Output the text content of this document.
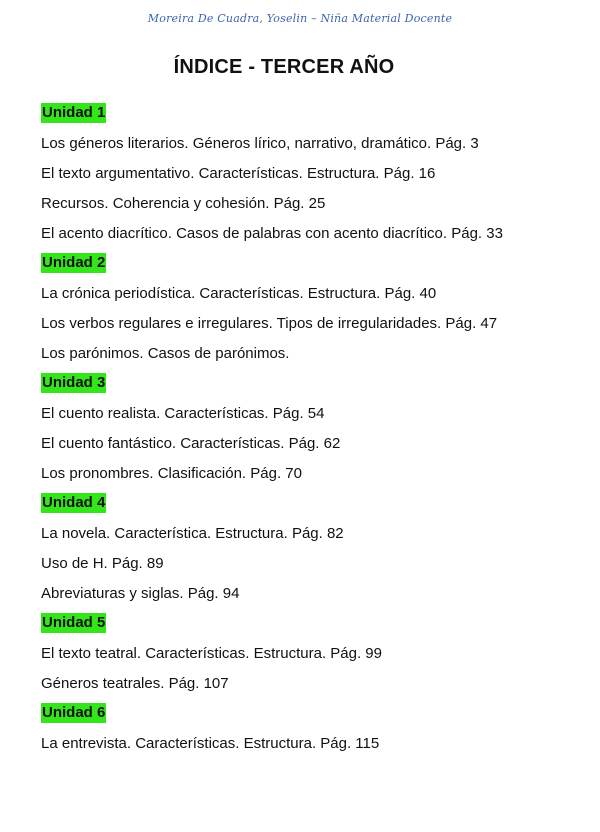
Moreira De Cuadra, Yoselin – Niña Material Docente
ÍNDICE - TERCER AÑO
Unidad 1
Los géneros literarios. Géneros lírico, narrativo, dramático. Pág. 3
El texto argumentativo. Características. Estructura. Pág. 16
Recursos. Coherencia y cohesión. Pág. 25
El acento diacrítico. Casos de palabras con acento diacrítico. Pág. 33
Unidad 2
La crónica periodística. Características. Estructura. Pág. 40
Los verbos regulares e irregulares. Tipos de irregularidades. Pág. 47
Los parónimos. Casos de parónimos.
Unidad 3
El cuento realista. Características. Pág. 54
El cuento fantástico. Características. Pág. 62
Los pronombres. Clasificación. Pág. 70
Unidad 4
La novela. Característica. Estructura. Pág. 82
Uso de H. Pág. 89
Abreviaturas y siglas. Pág. 94
Unidad 5
El texto teatral. Características. Estructura. Pág. 99
Géneros teatrales. Pág. 107
Unidad 6
La entrevista. Características. Estructura. Pág. 115
